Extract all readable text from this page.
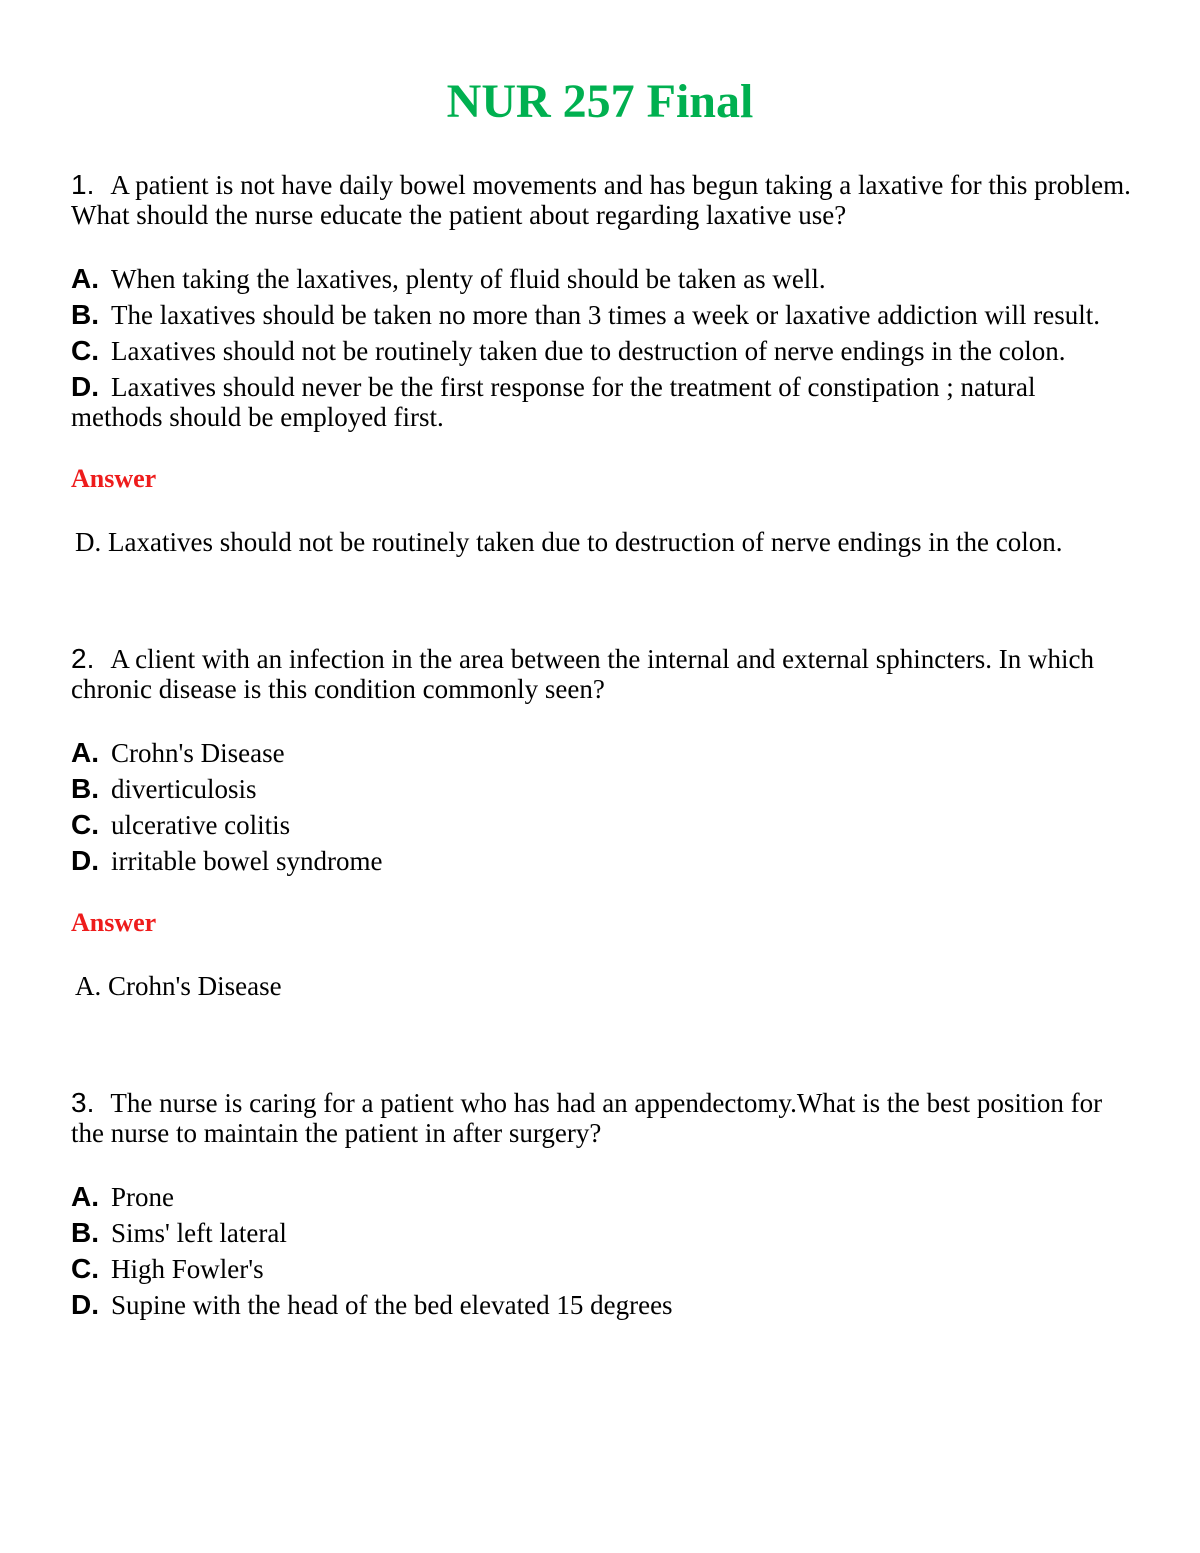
NUR 257 Final

1. A patient is not have daily bowel movements and has begun taking a laxative for this problem. What should the nurse educate the patient about regarding laxative use?

A. When taking the laxatives, plenty of fluid should be taken as well.
B. The laxatives should be taken no more than 3 times a week or laxative addiction will result.
C. Laxatives should not be routinely taken due to destruction of nerve endings in the colon.
D. Laxatives should never be the first response for the treatment of constipation ; natural methods should be employed first.

Answer

D. Laxatives should not be routinely taken due to destruction of nerve endings in the colon.

2. A client with an infection in the area between the internal and external sphincters. In which chronic disease is this condition commonly seen?

A. Crohn's Disease
B. diverticulosis
C. ulcerative colitis
D. irritable bowel syndrome

Answer

A. Crohn's Disease

3. The nurse is caring for a patient who has had an appendectomy.What is the best position for the nurse to maintain the patient in after surgery?

A. Prone
B. Sims' left lateral
C. High Fowler's
D. Supine with the head of the bed elevated 15 degrees
